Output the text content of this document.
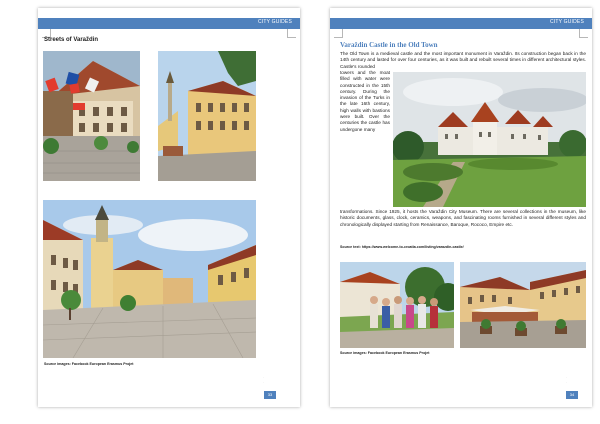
CITY GUIDES
Streets of Varaždin
Source images: Facebook European Erasmus Projet
·
·
33
CITY GUIDES
Varaždin Castle in the Old Town
The Old Town is a medieval castle and the most important monument in Varaždin. Its construction began back in the 14th century and lasted for over four centuries, as it was built and rebuilt several times in different architectural styles. Castle's rounded
towers and the moat filled with water were constructed in the 15th century. During the invasion of the Turks in the late 16th century, high walls with bastions were built. Over the centuries the castle has undergone many
transformations. Since 1925, it hosts the Varaždin City Museum. There are several collections in the museum, like historic documents, glass, clock, ceramics, weapons, and fascinating rooms furnished in several different styles and chronologically displayed starting from Renaissance, Baroque, Rococo, Empire etc.
Source text: https://www.welcome-to-croatia.com/listing/varazdin-castle/
Source images: Facebook European Erasmus Projet
·
·
34
